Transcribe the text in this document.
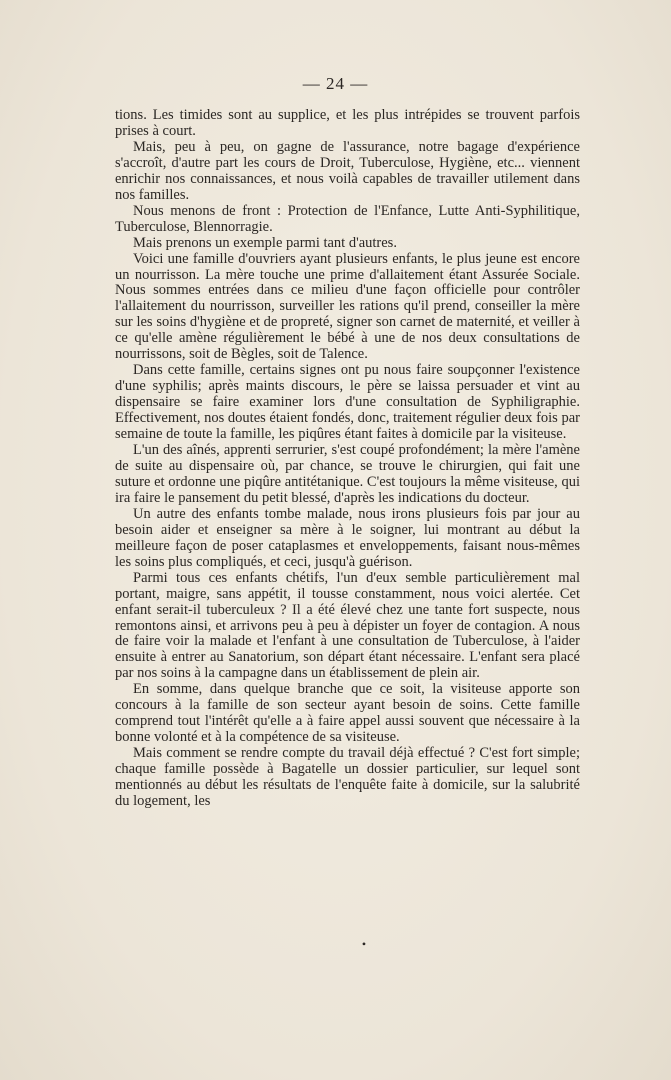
— 24 —

tions. Les timides sont au supplice, et les plus intrépides se trouvent parfois prises à court.

Mais, peu à peu, on gagne de l'assurance, notre bagage d'expérience s'accroît, d'autre part les cours de Droit, Tuberculose, Hygiène, etc... viennent enrichir nos connaissances, et nous voilà capables de travailler utilement dans nos familles.

Nous menons de front : Protection de l'Enfance, Lutte Anti-Syphilitique, Tuberculose, Blennorragie.

Mais prenons un exemple parmi tant d'autres.

Voici une famille d'ouvriers ayant plusieurs enfants, le plus jeune est encore un nourrisson. La mère touche une prime d'allaitement étant Assurée Sociale. Nous sommes entrées dans ce milieu d'une façon officielle pour contrôler l'allaitement du nourrisson, surveiller les rations qu'il prend, conseiller la mère sur les soins d'hygiène et de propreté, signer son carnet de maternité, et veiller à ce qu'elle amène régulièrement le bébé à une de nos deux consultations de nourrissons, soit de Bègles, soit de Talence.

Dans cette famille, certains signes ont pu nous faire soupçonner l'existence d'une syphilis; après maints discours, le père se laissa persuader et vint au dispensaire se faire examiner lors d'une consultation de Syphiligraphie. Effectivement, nos doutes étaient fondés, donc, traitement régulier deux fois par semaine de toute la famille, les piqûres étant faites à domicile par la visiteuse.

L'un des aînés, apprenti serrurier, s'est coupé profondément; la mère l'amène de suite au dispensaire où, par chance, se trouve le chirurgien, qui fait une suture et ordonne une piqûre antitétanique. C'est toujours la même visiteuse, qui ira faire le pansement du petit blessé, d'après les indications du docteur.

Un autre des enfants tombe malade, nous irons plusieurs fois par jour au besoin aider et enseigner sa mère à le soigner, lui montrant au début la meilleure façon de poser cataplasmes et enveloppements, faisant nous-mêmes les soins plus compliqués, et ceci, jusqu'à guérison.

Parmi tous ces enfants chétifs, l'un d'eux semble particulièrement mal portant, maigre, sans appétit, il tousse constamment, nous voici alertée. Cet enfant serait-il tuberculeux ? Il a été élevé chez une tante fort suspecte, nous remontons ainsi, et arrivons peu à peu à dépister un foyer de contagion. A nous de faire voir la malade et l'enfant à une consultation de Tuberculose, à l'aider ensuite à entrer au Sanatorium, son départ étant nécessaire. L'enfant sera placé par nos soins à la campagne dans un établissement de plein air.

En somme, dans quelque branche que ce soit, la visiteuse apporte son concours à la famille de son secteur ayant besoin de soins. Cette famille comprend tout l'intérêt qu'elle a à faire appel aussi souvent que nécessaire à la bonne volonté et à la compétence de sa visiteuse.

Mais comment se rendre compte du travail déjà effectué ? C'est fort simple; chaque famille possède à Bagatelle un dossier particulier, sur lequel sont mentionnés au début les résultats de l'enquête faite à domicile, sur la salubrité du logement, les

•
